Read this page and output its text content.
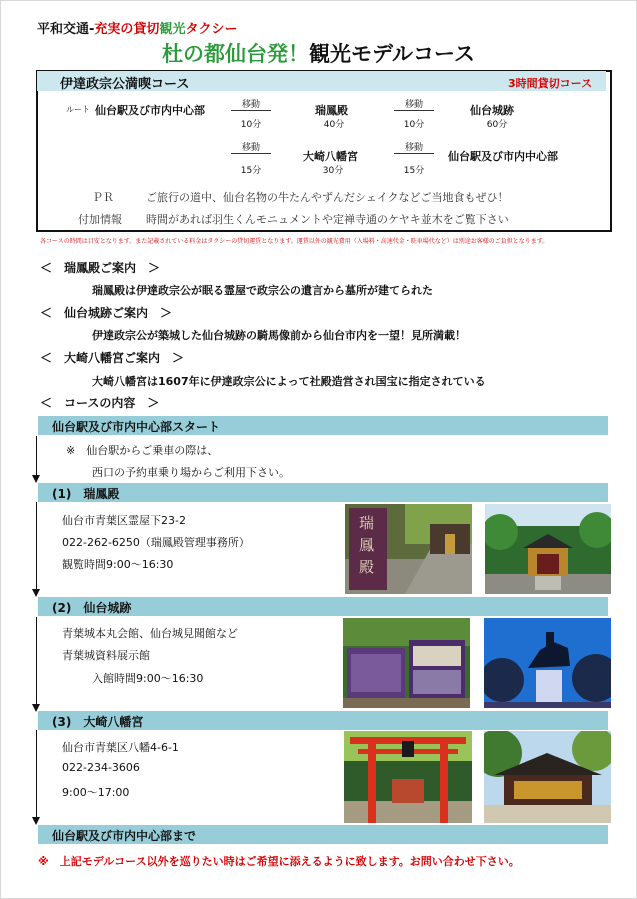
平和交通-充実の貸切観光タクシー
杜の都仙台発！観光モデルコース
伊達政宗公満喫コース	3時間貸切コース
ルート 仙台駅及び市内中心部	移動
10分
瑞鳳殿
40分
移動
10分
仙台城跡
60分
移動
15分
大崎八幡宮
30分
移動
15分
仙台駅及び市内中心部
ＰＲ	ご旅行の道中、仙台名物の牛たんやずんだシェイクなどご当地食もぜひ！
付加情報 時間があれば羽生くんモニュメントや定禅寺通のケヤキ並木をご覧下さい
各コースの時間は目安となります。また記載されている料金はタクシーの貸切運賃となります。運賃以外の観光費用（入場料・高速代金・駐車場代など）は別途お客様のご負担となります。
＜　瑞鳳殿ご案内　＞
瑞鳳殿は伊達政宗公が眠る霊屋で政宗公の遺言から墓所が建てられた
＜　仙台城跡ご案内　＞
伊達政宗公が築城した仙台城跡の騎馬像前から仙台市内を一望！見所満載！
＜　大崎八幡宮ご案内　＞
大崎八幡宮は1607年に伊達政宗公によって社殿造営され国宝に指定されている
＜　コースの内容　＞
仙台駅及び市内中心部スタート
※　仙台駅からご乗車の際は、
西口の予約車乗り場からご利用下さい。
(1)　瑞鳳殿
仙台市青葉区霊屋下23-2
022-262-6250（瑞鳳殿管理事務所）
観覧時間9:00～16:30
瑞鳳殿
(2)　仙台城跡
青葉城本丸会館、仙台城見聞館など
青葉城資料展示館
入館時間9:00～16:30
(3)　大崎八幡宮
仙台市青葉区八幡4-6-1
022-234-3606
9:00～17:00
仙台駅及び市内中心部まで
※　上記モデルコース以外を巡りたい時はご希望に添えるように致します。お問い合わせ下さい。
